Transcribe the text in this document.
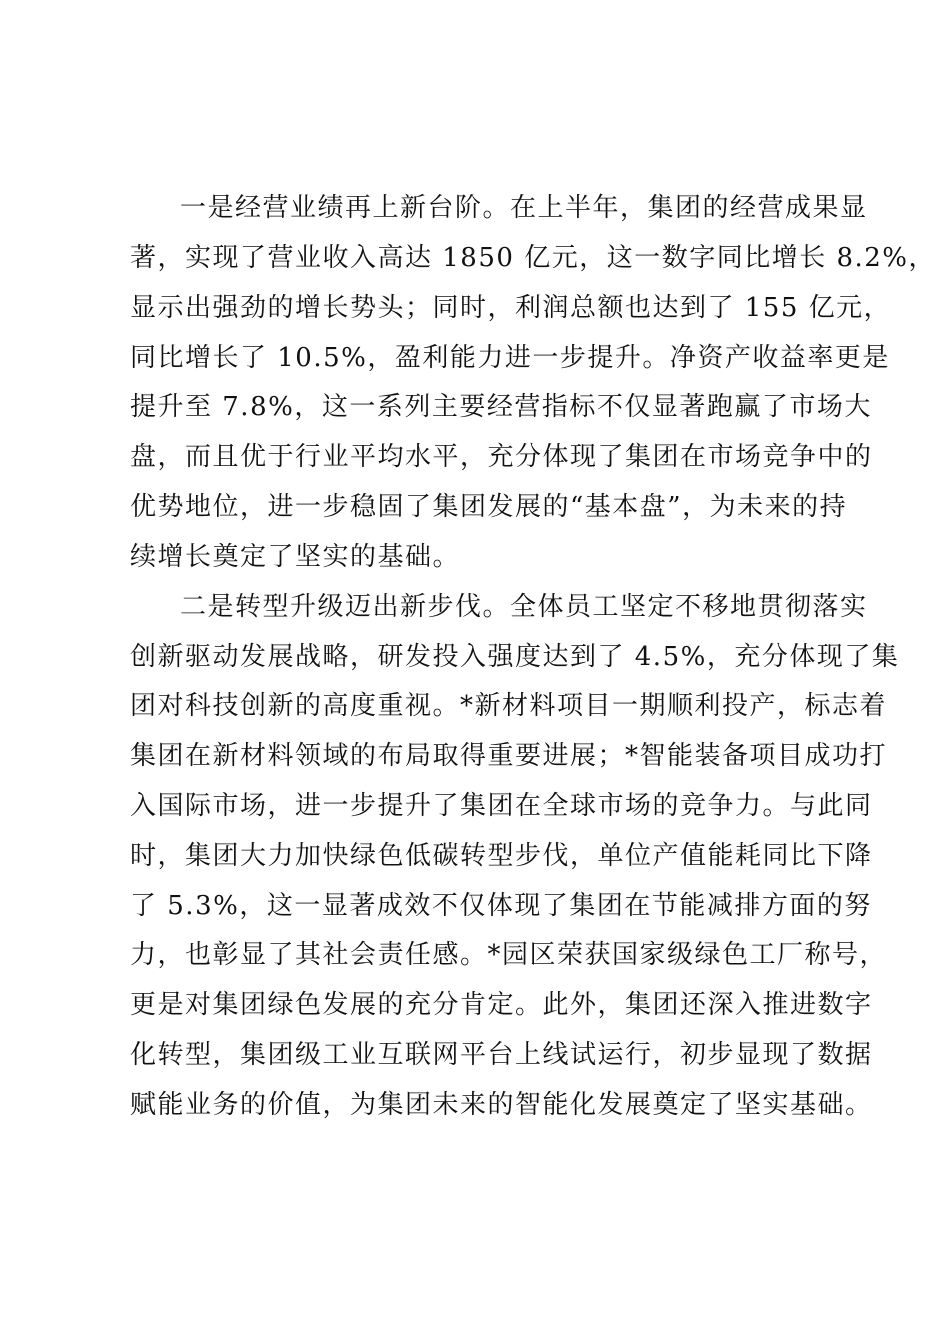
一是经营业绩再上新台阶。在上半年，集团的经营成果显
著，实现了营业收入高达 1850 亿元，这一数字同比增长 8.2%，
显示出强劲的增长势头；同时，利润总额也达到了 155 亿元，
同比增长了 10.5%，盈利能力进一步提升。净资产收益率更是
提升至 7.8%，这一系列主要经营指标不仅显著跑赢了市场大
盘，而且优于行业平均水平，充分体现了集团在市场竞争中的
优势地位，进一步稳固了集团发展的“基本盘”，为未来的持
续增长奠定了坚实的基础。
二是转型升级迈出新步伐。全体员工坚定不移地贯彻落实
创新驱动发展战略，研发投入强度达到了 4.5%，充分体现了集
团对科技创新的高度重视。*新材料项目一期顺利投产，标志着
集团在新材料领域的布局取得重要进展；*智能装备项目成功打
入国际市场，进一步提升了集团在全球市场的竞争力。与此同
时，集团大力加快绿色低碳转型步伐，单位产值能耗同比下降
了 5.3%，这一显著成效不仅体现了集团在节能减排方面的努
力，也彰显了其社会责任感。*园区荣获国家级绿色工厂称号，
更是对集团绿色发展的充分肯定。此外，集团还深入推进数字
化转型，集团级工业互联网平台上线试运行，初步显现了数据
赋能业务的价值，为集团未来的智能化发展奠定了坚实基础。
